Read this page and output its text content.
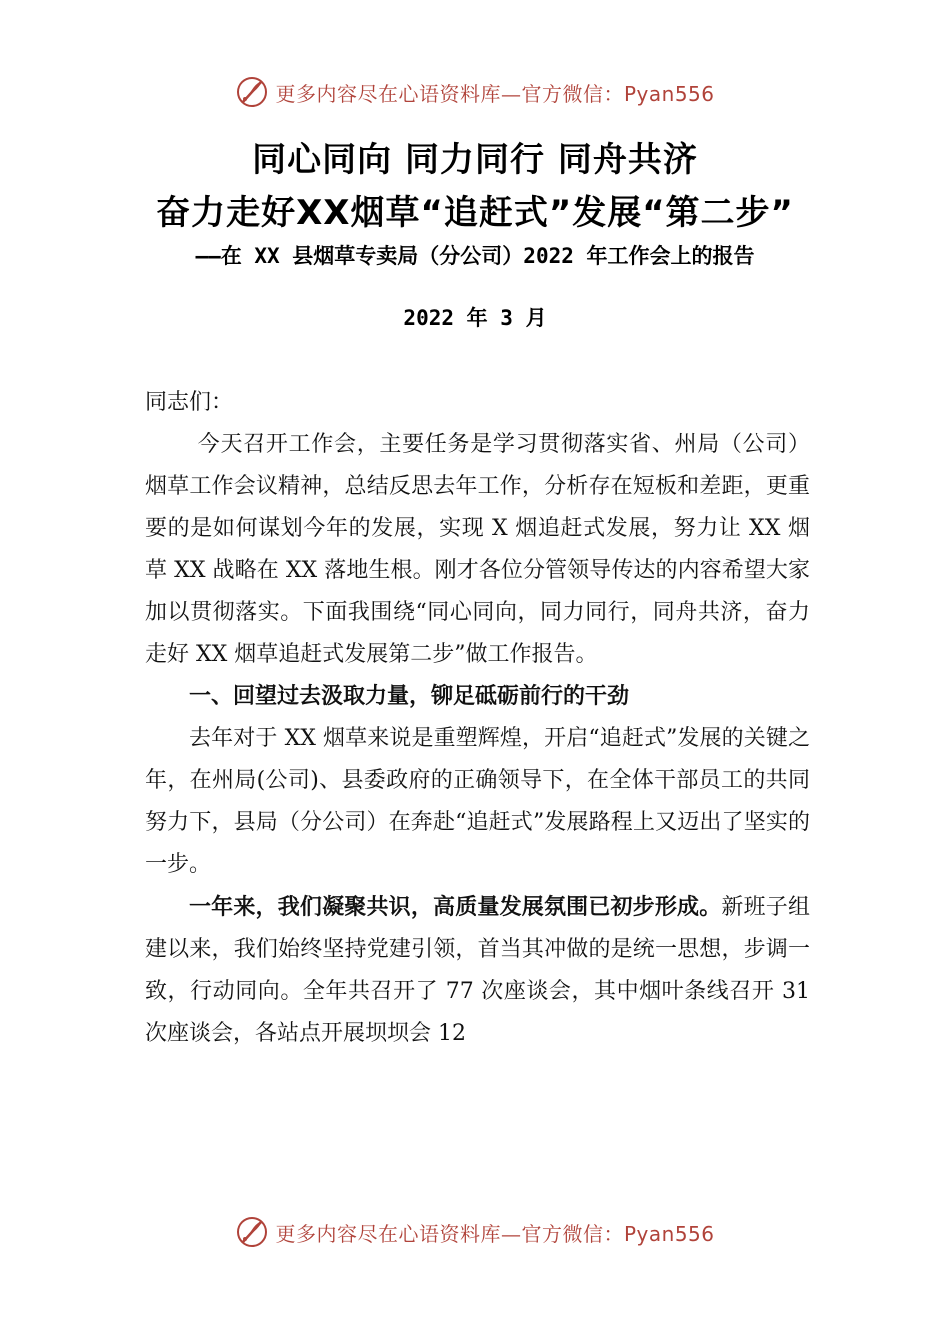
更多内容尽在心语资料库—官方微信：Pyan556
同心同向 同力同行 同舟共济
奋力走好XX烟草“追赶式”发展“第二步”
——在 XX 县烟草专卖局（分公司）2022 年工作会上的报告
2022 年 3 月

同志们：

今天召开工作会，主要任务是学习贯彻落实省、州局（公司）烟草工作会议精神，总结反思去年工作，分析存在短板和差距，更重要的是如何谋划今年的发展，实现 X 烟追赶式发展，努力让 XX 烟草 XX 战略在 XX 落地生根。刚才各位分管领导传达的内容希望大家加以贯彻落实。下面我围绕“同心同向，同力同行，同舟共济，奋力走好 XX 烟草追赶式发展第二步”做工作报告。

一、回望过去汲取力量，铆足砥砺前行的干劲

去年对于 XX 烟草来说是重塑辉煌，开启“追赶式”发展的关键之年，在州局(公司)、县委政府的正确领导下，在全体干部员工的共同努力下，县局（分公司）在奔赴“追赶式”发展路程上又迈出了坚实的一步。

一年来，我们凝聚共识，高质量发展氛围已初步形成。新班子组建以来，我们始终坚持党建引领，首当其冲做的是统一思想，步调一致，行动同向。全年共召开了 77 次座谈会，其中烟叶条线召开 31 次座谈会，各站点开展坝坝会 12

更多内容尽在心语资料库—官方微信：Pyan556
